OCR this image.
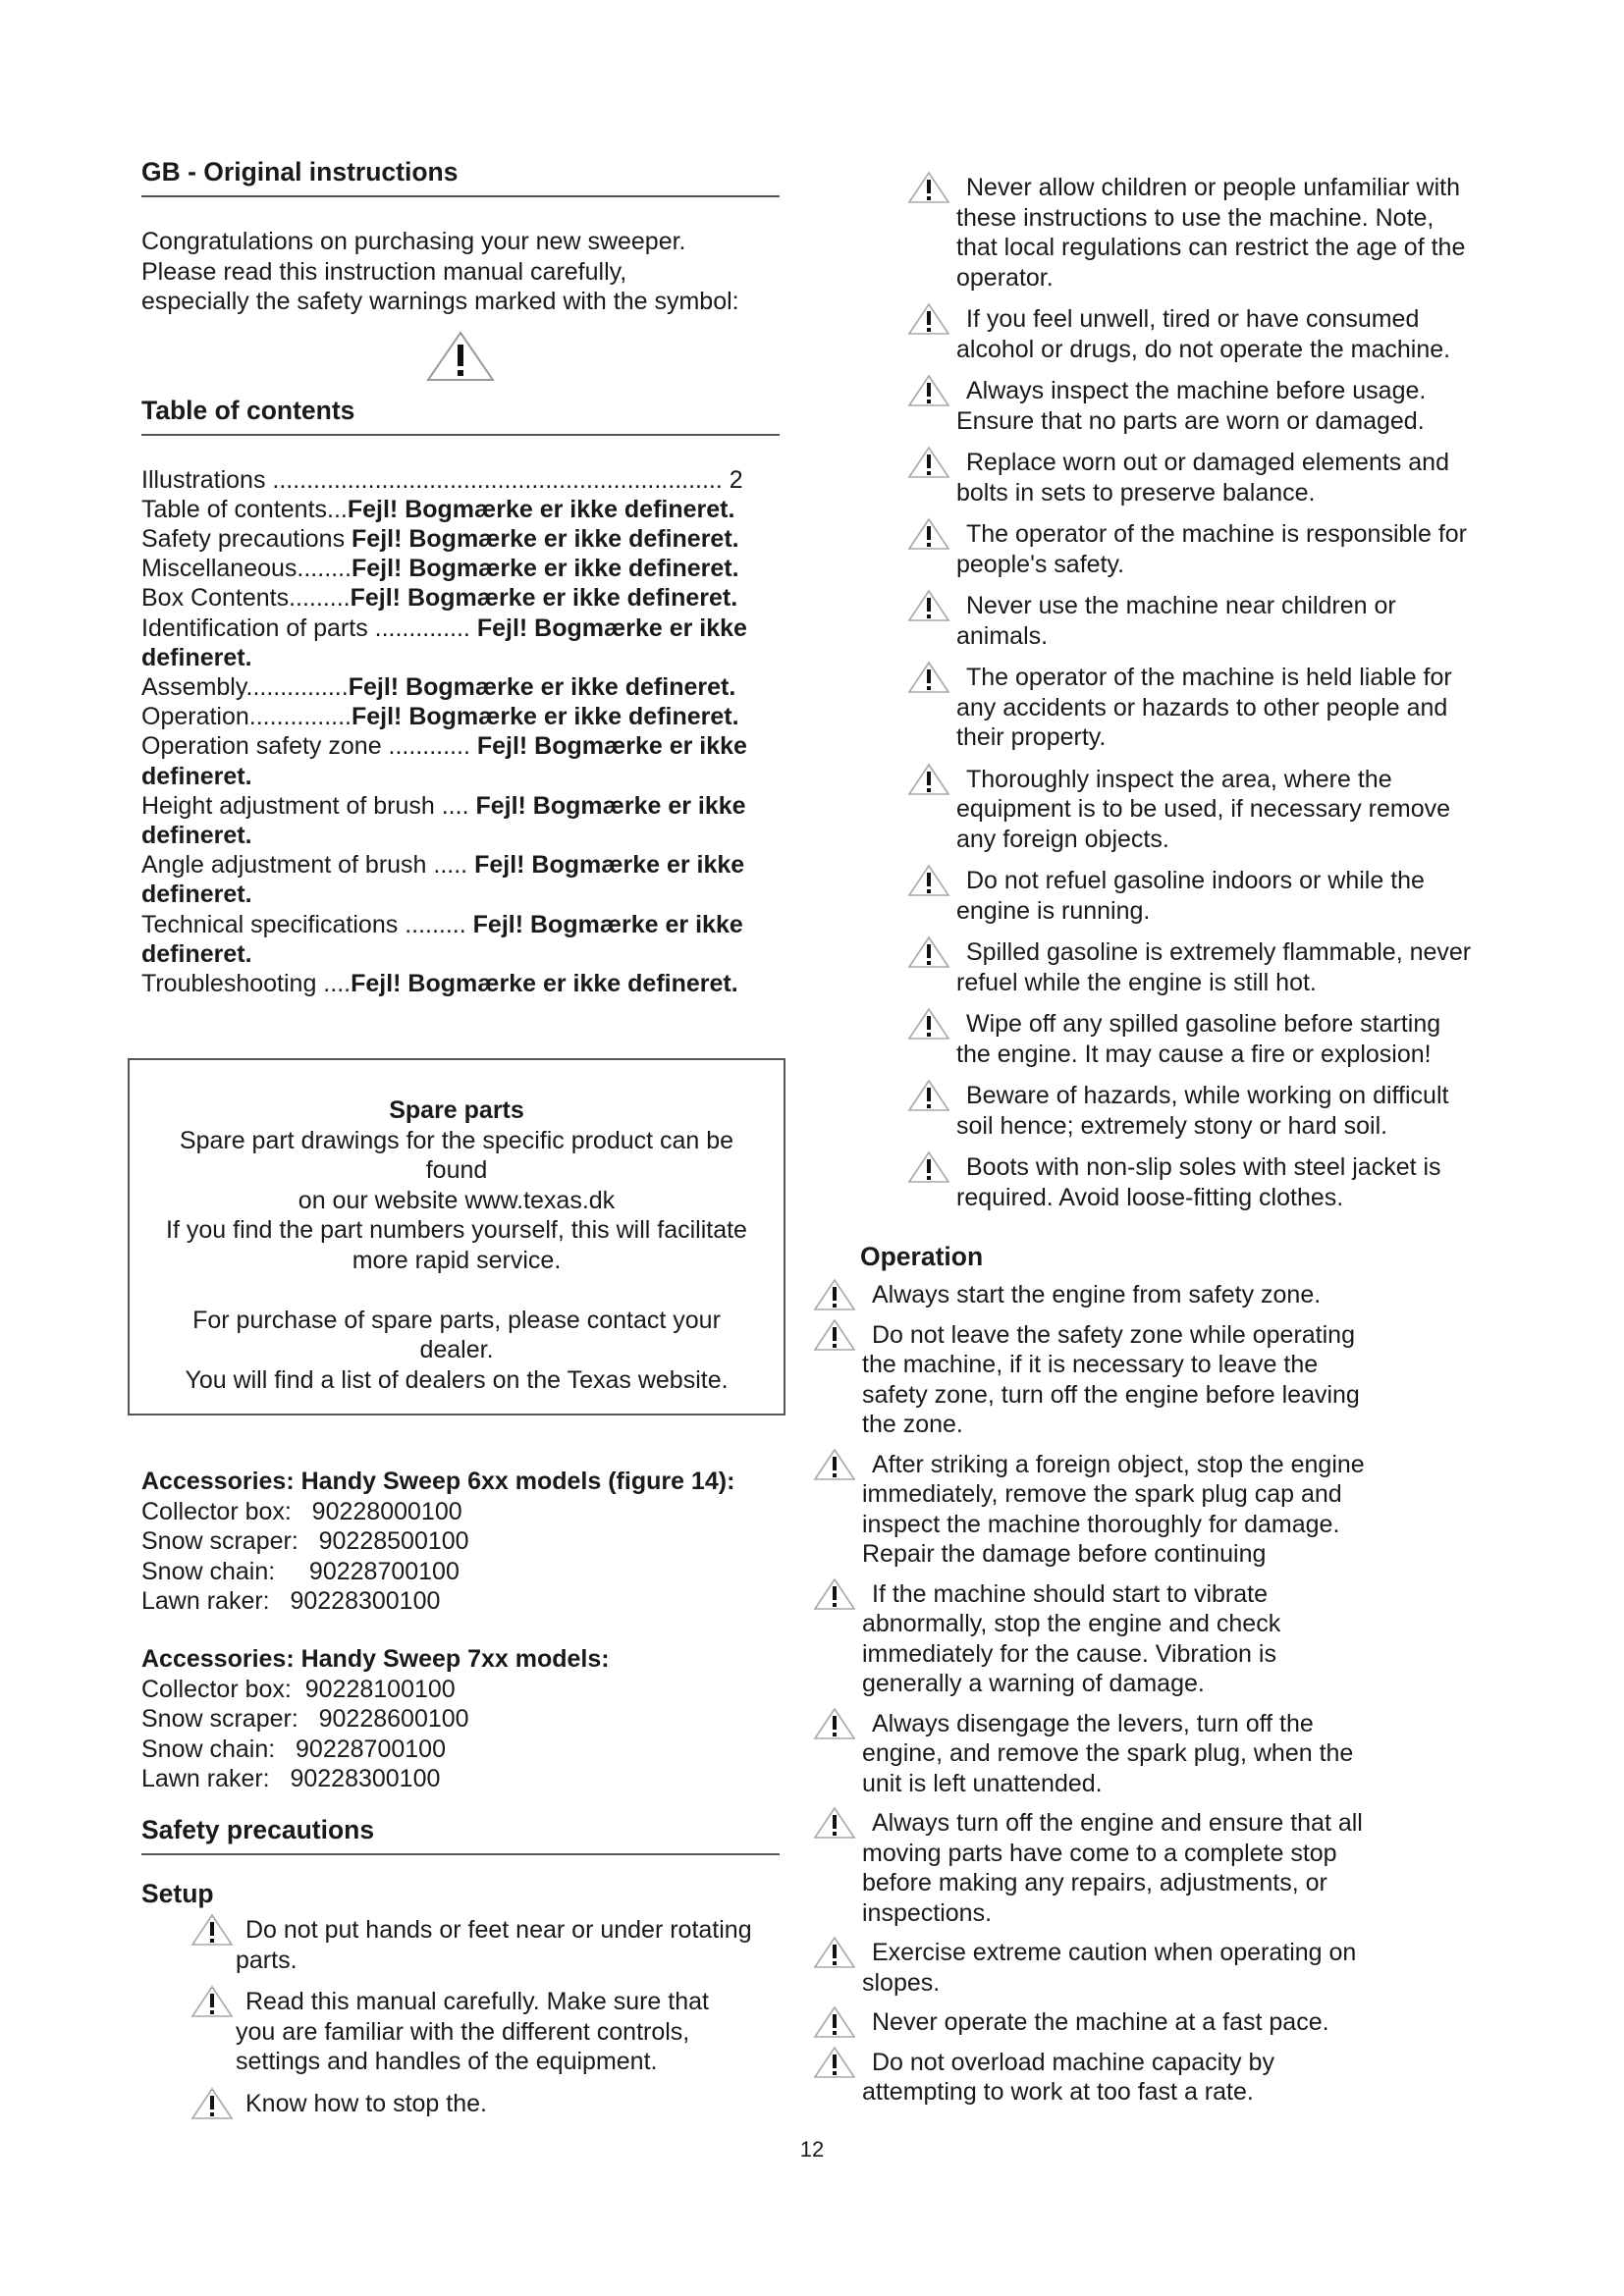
GB - Original instructions

Congratulations on purchasing your new sweeper.

Please read this instruction manual carefully,

especially the safety warnings marked with the symbol:

Table of contents
Illustrations .................................................................. 2
Table of contents...Fejl! Bogmærke er ikke defineret.
Safety precautions Fejl! Bogmærke er ikke defineret.
Miscellaneous........Fejl! Bogmærke er ikke defineret.
Box Contents.........Fejl! Bogmærke er ikke defineret.
Identification of parts .............. Fejl! Bogmærke er ikke
defineret.
Assembly...............Fejl! Bogmærke er ikke defineret.
Operation...............Fejl! Bogmærke er ikke defineret.
Operation safety zone ............ Fejl! Bogmærke er ikke
defineret.
Height adjustment of brush .... Fejl! Bogmærke er ikke
defineret.
Angle adjustment of brush ..... Fejl! Bogmærke er ikke
defineret.
Technical specifications ......... Fejl! Bogmærke er ikke
defineret.
Troubleshooting ....Fejl! Bogmærke er ikke defineret.
Spare parts
Spare part drawings for the specific product can be
found
on our website www.texas.dk
If you find the part numbers yourself, this will facilitate
more rapid service.
For purchase of spare parts, please contact your
dealer.
You will find a list of dealers on the Texas website.
Accessories: Handy Sweep 6xx models (figure 14):
Collector box:   90228000100
Snow scraper:   90228500100
Snow chain:     90228700100
Lawn raker:   90228300100
Accessories: Handy Sweep 7xx models:
Collector box:  90228100100
Snow scraper:   90228600100
Snow chain:   90228700100
Lawn raker:   90228300100
Safety precautions
Setup
Do not put hands or feet near or under rotating
parts.
Read this manual carefully. Make sure that
you are familiar with the different controls,
settings and handles of the equipment.
Know how to stop the.
Never allow children or people unfamiliar with
these instructions to use the machine. Note,
that local regulations can restrict the age of the
operator.
If you feel unwell, tired or have consumed
alcohol or drugs, do not operate the machine.
Always inspect the machine before usage.
Ensure that no parts are worn or damaged.
Replace worn out or damaged elements and
bolts in sets to preserve balance.
The operator of the machine is responsible for
people's safety.
Never use the machine near children or
animals.
The operator of the machine is held liable for
any accidents or hazards to other people and
their property.
Thoroughly inspect the area, where the
equipment is to be used, if necessary remove
any foreign objects.
Do not refuel gasoline indoors or while the
engine is running.
Spilled gasoline is extremely flammable, never
refuel while the engine is still hot.
Wipe off any spilled gasoline before starting
the engine. It may cause a fire or explosion!
Beware of hazards, while working on difficult
soil hence; extremely stony or hard soil.
Boots with non-slip soles with steel jacket is
required. Avoid loose-fitting clothes.
Operation
Always start the engine from safety zone.
Do not leave the safety zone while operating
the machine, if it is necessary to leave the
safety zone, turn off the engine before leaving
the zone.
After striking a foreign object, stop the engine
immediately, remove the spark plug cap and
inspect the machine thoroughly for damage.
Repair the damage before continuing
If the machine should start to vibrate
abnormally, stop the engine and check
immediately for the cause. Vibration is
generally a warning of damage.
Always disengage the levers, turn off the
engine, and remove the spark plug, when the
unit is left unattended.
Always turn off the engine and ensure that all
moving parts have come to a complete stop
before making any repairs, adjustments, or
inspections.
Exercise extreme caution when operating on
slopes.
Never operate the machine at a fast pace.
Do not overload machine capacity by
attempting to work at too fast a rate.
12
